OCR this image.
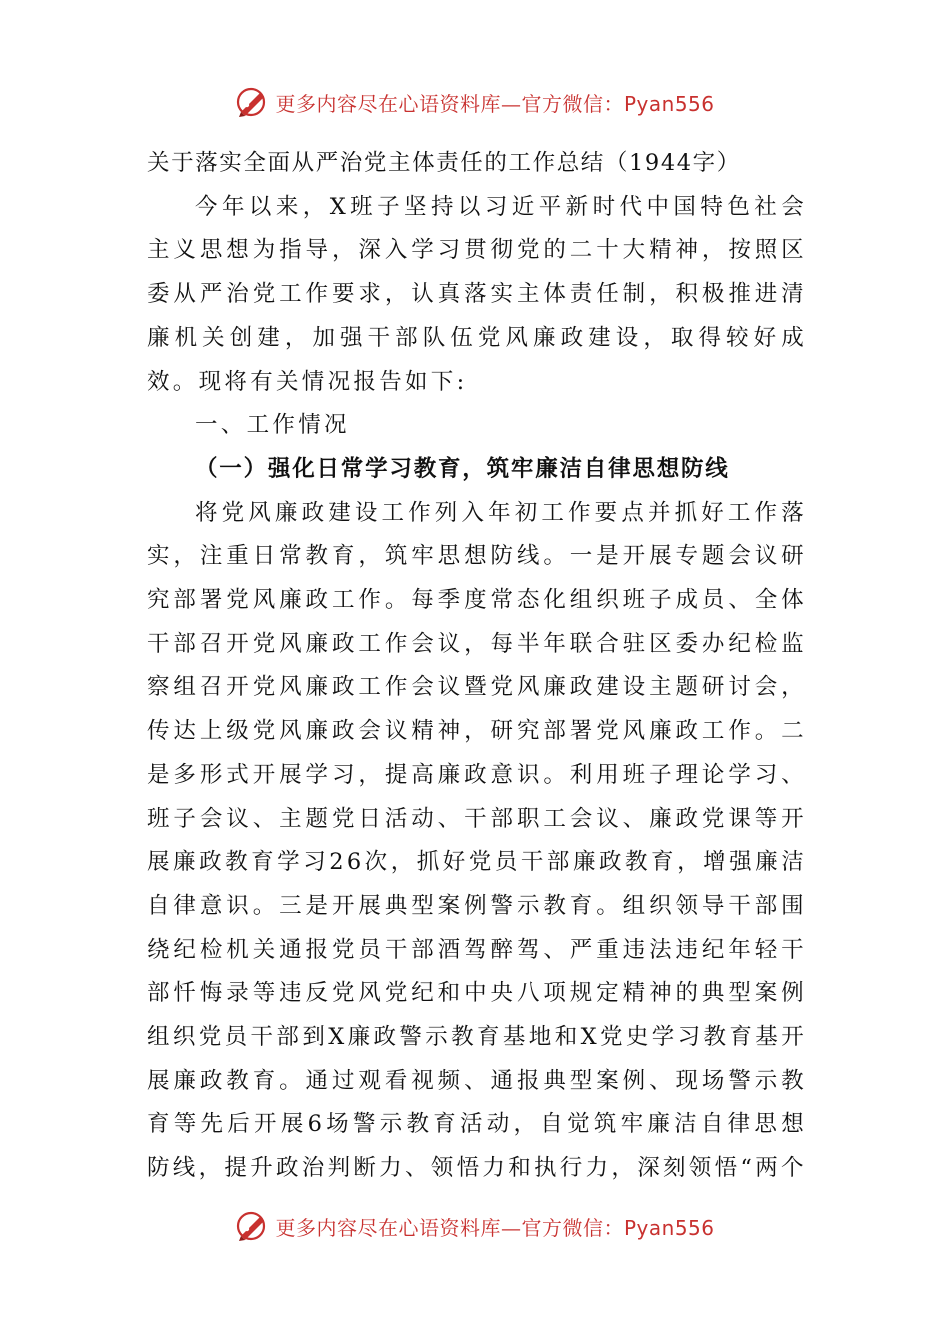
更多内容尽在心语资料库—官方微信：Pyan556

关于落实全面从严治党主体责任的工作总结（1944字）

今年以来，X班子坚持以习近平新时代中国特色社会主义思想为指导，深入学习贯彻党的二十大精神，按照区委从严治党工作要求，认真落实主体责任制，积极推进清廉机关创建，加强干部队伍党风廉政建设，取得较好成效。现将有关情况报告如下:

一、工作情况

（一）强化日常学习教育，筑牢廉洁自律思想防线

将党风廉政建设工作列入年初工作要点并抓好工作落实，注重日常教育，筑牢思想防线。一是开展专题会议研究部署党风廉政工作。每季度常态化组织班子成员、全体干部召开党风廉政工作会议，每半年联合驻区委办纪检监察组召开党风廉政工作会议暨党风廉政建设主题研讨会，传达上级党风廉政会议精神，研究部署党风廉政工作。二是多形式开展学习，提高廉政意识。利用班子理论学习、班子会议、主题党日活动、干部职工会议、廉政党课等开展廉政教育学习26次，抓好党员干部廉政教育，增强廉洁自律意识。三是开展典型案例警示教育。组织领导干部围绕纪检机关通报党员干部酒驾醉驾、严重违法违纪年轻干部忏悔录等违反党风党纪和中央八项规定精神的典型案例组织党员干部到X廉政警示教育基地和X党史学习教育基开展廉政教育。通过观看视频、通报典型案例、现场警示教育等先后开展6场警示教育活动，自觉筑牢廉洁自律思想防线，提升政治判断力、领悟力和执行力，深刻领悟“两个

更多内容尽在心语资料库—官方微信：Pyan556
